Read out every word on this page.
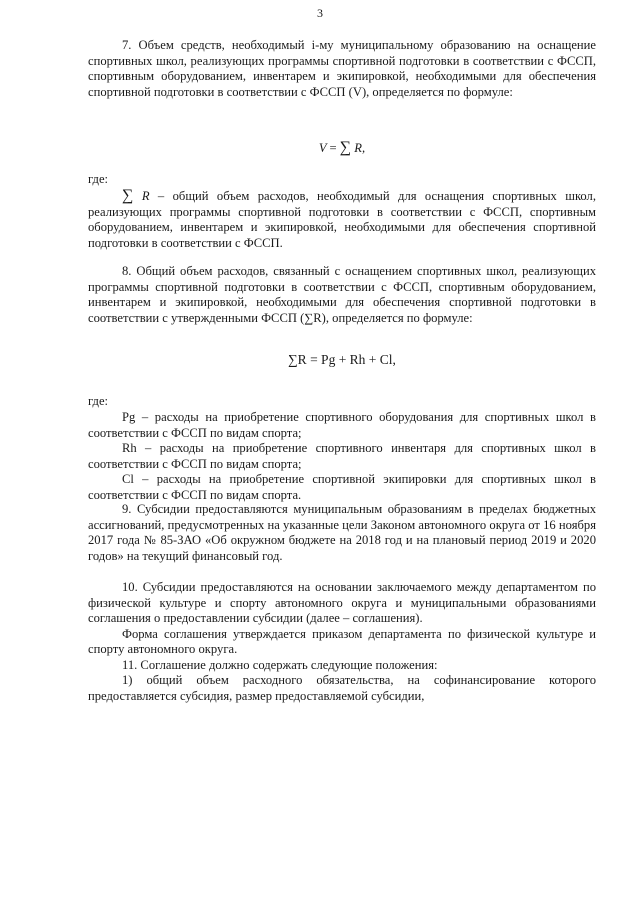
3

7. Объем средств, необходимый i-му муниципальному образованию на оснащение спортивных школ, реализующих программы спортивной подготовки в соответствии с ФССП, спортивным оборудованием, инвентарем и экипировкой, необходимыми для обеспечения спортивной подготовки в соответствии с ФССП (V), определяется по формуле:

V = ∑ R,

где:

∑ R – общий объем расходов, необходимый для оснащения спортивных школ, реализующих программы спортивной подготовки в соответствии с ФССП, спортивным оборудованием, инвентарем и экипировкой, необходимыми для обеспечения спортивной подготовки в соответствии с ФССП.

8. Общий объем расходов, связанный с оснащением спортивных школ, реализующих программы спортивной подготовки в соответствии с ФССП, спортивным оборудованием, инвентарем и экипировкой, необходимыми для обеспечения спортивной подготовки в соответствии с утвержденными ФССП (∑R), определяется по формуле:

∑R = Pg + Rh + Cl,

где:

Pg – расходы на приобретение спортивного оборудования для спортивных школ в соответствии с ФССП по видам спорта;

Rh – расходы на приобретение спортивного инвентаря для спортивных школ в соответствии с ФССП по видам спорта;

Cl – расходы на приобретение спортивной экипировки для спортивных школ в соответствии с ФССП по видам спорта.

9. Субсидии предоставляются муниципальным образованиям в пределах бюджетных ассигнований, предусмотренных на указанные цели Законом автономного округа от 16 ноября 2017 года № 85-ЗАО «Об окружном бюджете на 2018 год и на плановый период 2019 и 2020 годов» на текущий финансовый год.

10. Субсидии предоставляются на основании заключаемого между департаментом по физической культуре и спорту автономного округа и муниципальными образованиями соглашения о предоставлении субсидии (далее – соглашения).

Форма соглашения утверждается приказом департамента по физической культуре и спорту автономного округа.

11. Соглашение должно содержать следующие положения:

1) общий объем расходного обязательства, на софинансирование которого предоставляется субсидия, размер предоставляемой субсидии,
